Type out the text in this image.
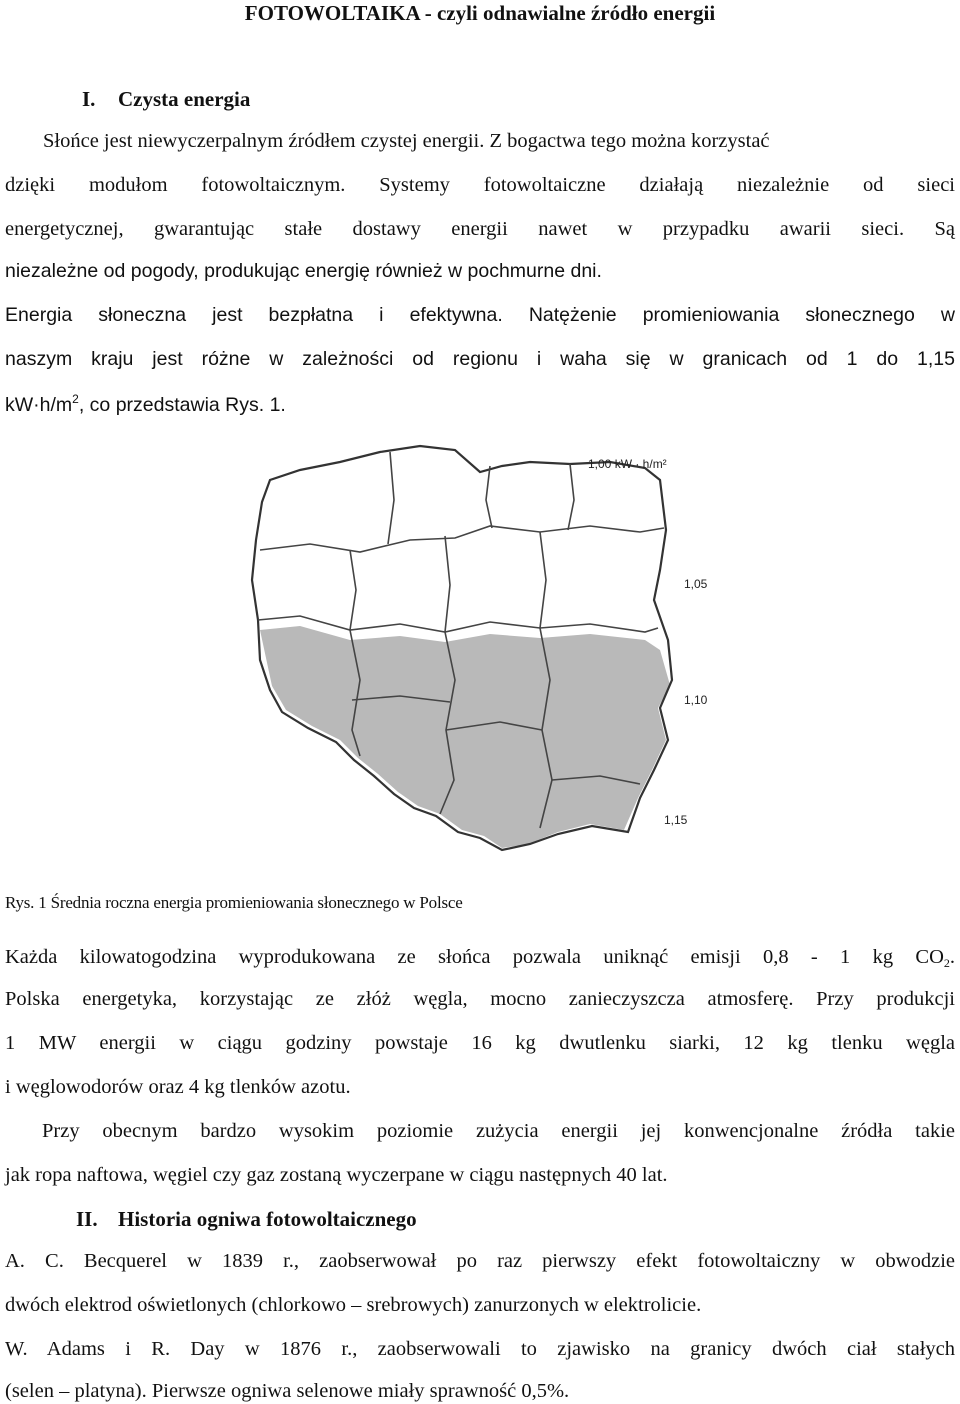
FOTOWOLTAIKA - czyli odnawialne źródło energii
I. Czysta energia
Słońce jest niewyczerpalnym źródłem czystej energii. Z bogactwa tego można korzystać
dzięki modułom fotowoltaicznym. Systemy fotowoltaiczne działają niezależnie od sieci
energetycznej, gwarantując stałe dostawy energii nawet w przypadku awarii sieci. Są
niezależne od pogody, produkując energię również w pochmurne dni.
Energia słoneczna jest bezpłatna i efektywna. Natężenie promieniowania słonecznego w
naszym kraju jest różne w zależności od regionu i waha się w granicach od 1 do 1,15
$kW\cdot h/m^2$, co przedstawia Rys. 1.
1,00 kW · h/m²
1,05
1,10
1,15
Rys. 1 Średnia roczna energia promieniowania słonecznego w Polsce
Każda kilowatogodzina wyprodukowana ze słońca pozwala uniknąć emisji 0,8 - 1 kg $CO_2$.
Polska energetyka, korzystając ze złóż węgla, mocno zanieczyszcza atmosferę. Przy produkcji
1 MW energii w ciągu godziny powstaje 16 kg dwutlenku siarki, 12 kg tlenku węgla
i węglowodorów oraz 4 kg tlenków azotu.
Przy obecnym bardzo wysokim poziomie zużycia energii jej konwencjonalne źródła takie
jak ropa naftowa, węgiel czy gaz zostaną wyczerpane w ciągu następnych 40 lat.
II. Historia ogniwa fotowoltaicznego
A. C. Becquerel w 1839 r., zaobserwował po raz pierwszy efekt fotowoltaiczny w obwodzie
dwóch elektrod oświetlonych (chlorkowo – srebrowych) zanurzonych w elektrolicie.
W. Adams i R. Day w 1876 r., zaobserwowali to zjawisko na granicy dwóch ciał stałych
(selen – platyna). Pierwsze ogniwa selenowe miały sprawność 0,5%.
